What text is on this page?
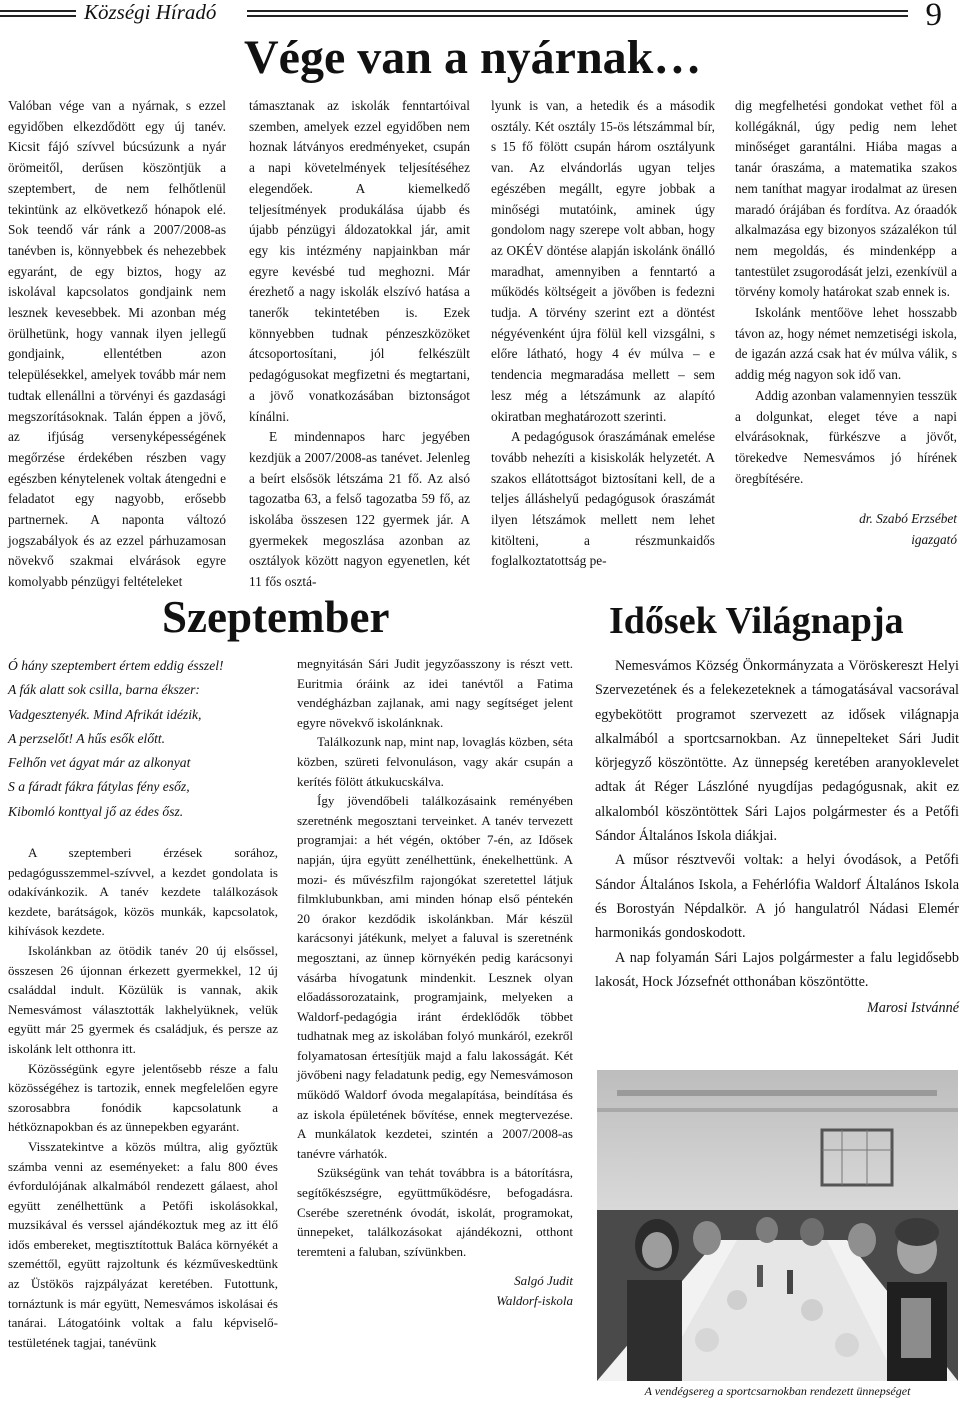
Községi Híradó	9
Vége van a nyárnak…

Valóban vége van a nyárnak, s ezzel egyidőben elkezdődött egy új tanév. Kicsit fájó szívvel búcsúzunk a nyár örömeitől, derűsen köszöntjük a szeptembert, de nem felhőtlenül tekintünk az elkövetkező hónapok elé. Sok teendő vár ránk a 2007/2008-as tanévben is, könnyebbek és nehezebbek egyaránt, de egy biztos, hogy az iskolával kapcsolatos gondjaink nem lesznek kevesebbek. Mi azonban még örülhetünk, hogy vannak ilyen jellegű gondjaink, ellentétben azon településekkel, amelyek tovább már nem tudtak ellenállni a törvényi és gazdasági megszorításoknak. Talán éppen a jövő, az ifjúság versenyképességének megőrzése érdekében részben vagy egészben kénytelenek voltak átengedni e feladatot egy nagyobb, erősebb partnernek. A naponta változó jogszabályok és az ezzel párhuzamosan növekvő szakmai elvárások egyre komolyabb pénzügyi feltételeket

támasztanak az iskolák fenntartóival szemben, amelyek ezzel egyidőben nem hoznak látványos eredményeket, csupán a napi követelmények teljesítéséhez elegendőek. A kiemelkedő teljesítmények produkálása újabb és újabb pénzügyi áldozatokkal jár, amit egy kis intézmény napjainkban már egyre kevésbé tud meghozni. Már érezhető a nagy iskolák elszívó hatása a tanerők tekintetében is. Ezek könnyebben tudnak pénzeszközöket átcsoportosítani, jól felkészült pedagógusokat megfizetni és megtartani, a jövő vonatkozásában biztonságot kínálni.

E mindennapos harc jegyében kezdjük a 2007/2008-as tanévet. Jelenleg a beírt elsősök létszáma 21 fő. Az alsó tagozatba 63, a felső tagozatba 59 fő, az iskolába összesen 122 gyermek jár. A gyermekek megoszlása azonban az osztályok között nagyon egyenetlen, két 11 fős osztá-

lyunk is van, a hetedik és a második osztály. Két osztály 15-ös létszámmal bír, s 15 fő fölött csupán három osztályunk van. Az elvándorlás ugyan teljes egészében megállt, egyre jobbak a minőségi mutatóink, aminek úgy gondolom nagy szerepe volt abban, hogy az OKÉV döntése alapján iskolánk önálló maradhat, amennyiben a fenntartó a működés költségeit a jövőben is fedezni tudja. A törvény szerint ezt a döntést négyévenként újra fölül kell vizsgálni, s előre látható, hogy 4 év múlva – e tendencia megmaradása mellett – sem lesz még a létszámunk az alapító okiratban meghatározott szerinti.

A pedagógusok óraszámának emelése tovább nehezíti a kisiskolák helyzetét. A szakos ellátottságot biztosítani kell, de a teljes álláshelyű pedagógusok óraszámát ilyen létszámok mellett nem lehet kitölteni, a részmunkaidős foglalkoztatottság pe-

dig megfelhetési gondokat vethet föl a kollégáknál, úgy pedig nem lehet minőséget garantálni. Hiába magas a tanár óraszáma, a matematika szakos nem taníthat magyar irodalmat az üresen maradó órájában és fordítva. Az óraadók alkalmazása egy bizonyos százalékon túl nem megoldás, és mindenképp a tantestület zsugorodását jelzi, ezenkívül a törvény komoly határokat szab ennek is.

Iskolánk mentőöve lehet hosszabb távon az, hogy német nemzetiségi iskola, de igazán azzá csak hat év múlva válik, s addig még nagyon sok idő van.

Addig azonban valamennyien tesszük a dolgunkat, eleget téve a napi elvárásoknak, fürkészve a jövőt, törekedve Nemesvámos jó hírének öregbítésére.

dr. Szabó Erzsébet
igazgató
Szeptember
Ó hány szeptembert értem eddig ésszel!
A fák alatt sok csilla, barna ékszer:
Vadgesztenyék. Mind Afrikát idézik,
A perzselőt! A hűs esők előtt.
Felhőn vet ágyat már az alkonyat
S a fáradt fákra fátylas fény esőz,
Kibomló konttyal jő az édes ősz.

A szeptemberi érzések sorához, pedagógusszemmel-szívvel, a kezdet gondolata is odakívánkozik. A tanév kezdete találkozások kezdete, barátságok, közös munkák, kapcsolatok, kihívások kezdete.

Iskolánkban az ötödik tanév 20 új elsőssel, összesen 26 újonnan érkezett gyermekkel, 12 új családdal indult. Közülük is vannak, akik Nemesvámost választották lakhelyüknek, velük együtt már 25 gyermek és családjuk, és persze az iskolánk lelt otthonra itt.

Közösségünk egyre jelentősebb része a falu közösségéhez is tartozik, ennek megfelelően egyre szorosabbra fonódik kapcsolatunk a hétköznapokban és az ünnepekben egyaránt.

Visszatekintve a közös múltra, alig győztük számba venni az eseményeket: a falu 800 éves évfordulójának alkalmából rendezett gálaest, ahol együtt zenélhettünk a Petőfi iskolásokkal, muzsikával és verssel ajándékoztuk meg az itt élő idős embereket, megtisztítottuk Baláca környékét a szeméttől, együtt rajzoltunk és kézműveskedtünk az Üstökös rajzpályázat keretében. Futottunk, tornáztunk is már együtt, Nemesvámos iskolásai és tanárai. Látogatóink voltak a falu képviselő-testületének tagjai, tanévünk

megnyitásán Sári Judit jegyzőasszony is részt vett. Euritmia óráink az idei tanévtől a Fatima vendégházban zajlanak, ami nagy segítséget jelent egyre növekvő iskolánknak.

Találkozunk nap, mint nap, lovaglás közben, séta közben, szüreti felvonuláson, vagy akár csupán a kerítés fölött átkukucskálva.

Így jövendőbeli találkozásaink reményében szeretnénk megosztani terveinket. A tanév tervezett programjai: a hét végén, október 7-én, az Idősek napján, újra együtt zenélhettünk, énekelhettünk. A mozi- és művészfilm rajongókat szeretettel látjuk filmklubunkban, ami minden hónap első péntekén 20 órakor kezdődik iskolánkban. Már készül karácsonyi játékunk, melyet a faluval is szeretnénk megosztani, az ünnep környékén pedig karácsonyi vásárba hívogatunk mindenkit. Lesznek olyan előadássorozataink, programjaink, melyeken a Waldorf-pedagógia iránt érdeklődők többet tudhatnak meg az iskolában folyó munkáról, ezekről folyamatosan értesítjük majd a falu lakosságát. Két jövőbeni nagy feladatunk pedig, egy Nemesvámoson működő Waldorf óvoda megalapítása, beindítása és az iskola épületének bővítése, ennek megtervezése. A munkálatok kezdetei, szintén a 2007/2008-as tanévre várhatók.

Szükségünk van tehát továbbra is a bátorításra, segítőkészségre, együttműködésre, befogadásra. Cserébe szeretnénk óvodát, iskolát, programokat, ünnepeket, találkozásokat ajándékozni, otthont teremteni a faluban, szívünkben.

Salgó Judit
Waldorf-iskola
Idősek Világnapja

Nemesvámos Község Önkormányzata a Vöröskereszt Helyi Szervezetének és a felekezeteknek a támogatásával vacsorával egybekötött programot szervezett az idősek világnapja alkalmából a sportcsarnokban. Az ünnepelteket Sári Judit körjegyző köszöntötte. Az ünnepség keretében aranyoklevelet adtak át Réger Lászlóné nyugdíjas pedagógusnak, akit ez alkalomból köszöntöttek Sári Lajos polgármester és a Petőfi Sándor Általános Iskola diákjai.

A műsor résztvevői voltak: a helyi óvodások, a Petőfi Sándor Általános Iskola, a Fehérlófia Waldorf Általános Iskola és Borostyán Népdalkör. A jó hangulatról Nádasi Elemér harmonikás gondoskodott.

A nap folyamán Sári Lajos polgármester a falu legidősebb lakosát, Hock Józsefnét otthonában köszöntötte.

Marosi Istvánné
A vendégsereg a sportcsarnokban rendezett ünnepséget
